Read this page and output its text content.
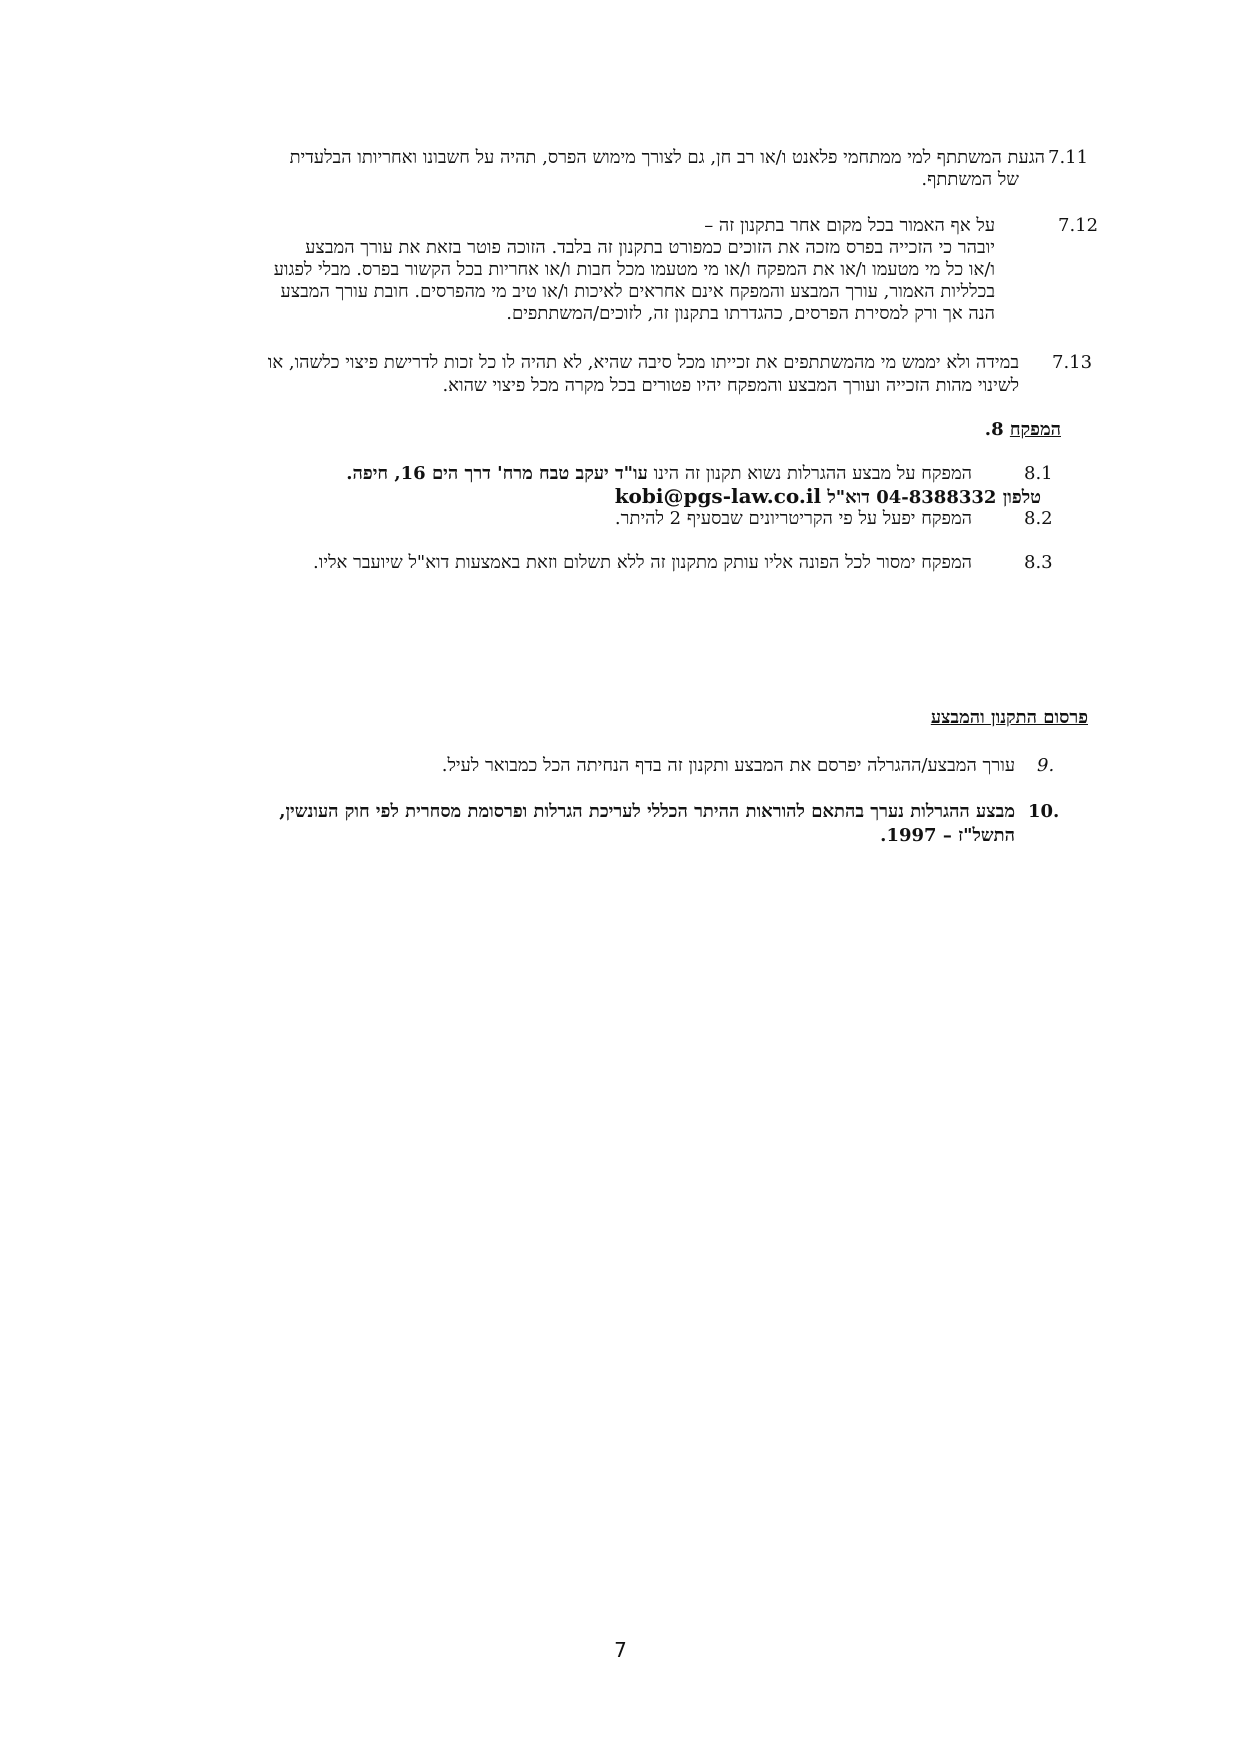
7.11
הגעת המשתתף למי ממתחמי פלאנט ו/או רב חן, גם לצורך מימוש הפרס, תהיה על חשבונו ואחריותו הבלעדית
של המשתתף.
7.12
על אף האמור בכל מקום אחר בתקנון זה –
יובהר כי הזכייה בפרס מזכה את הזוכים כמפורט בתקנון זה בלבד. הזוכה פוטר בזאת את עורך המבצע
ו/או כל מי מטעמו ו/או את המפקח ו/או מי מטעמו מכל חבות ו/או אחריות בכל הקשור בפרס. מבלי לפגוע
בכלליות האמור, עורך המבצע והמפקח אינם אחראים לאיכות ו/או טיב מי מהפרסים. חובת עורך המבצע
הנה אך ורק למסירת הפרסים, כהגדרתו בתקנון זה, לזוכים/המשתתפים.
7.13
במידה ולא יממש מי מהמשתתפים את זכייתו מכל סיבה שהיא, לא תהיה לו כל זכות לדרישת פיצוי כלשהו, או
לשינוי מהות הזכייה ועורך המבצע והמפקח יהיו פטורים בכל מקרה מכל פיצוי שהוא.
המפקח 8.
8.1
המפקח על מבצע ההגרלות נשוא תקנון זה הינו עו"ד יעקב טבח מרח' דרך הים 16, חיפה.
טלפון 04-8388332 דוא"ל kobi@pgs-law.co.il
8.2
המפקח יפעל על פי הקריטריונים שבסעיף 2 להיתר.
8.3
המפקח ימסור לכל הפונה אליו עותק מתקנון זה ללא תשלום וזאת באמצעות דוא"ל שיועבר אליו.
פרסום התקנון והמבצע
9.
עורך המבצע/ההגרלה יפרסם את המבצע ותקנון זה בדף הנחיתה הכל כמבואר לעיל.
10.
מבצע ההגרלות נערך בהתאם להוראות ההיתר הכללי לעריכת הגרלות ופרסומת מסחרית לפי חוק העונשין,
התשל"ז – 1997.
7
